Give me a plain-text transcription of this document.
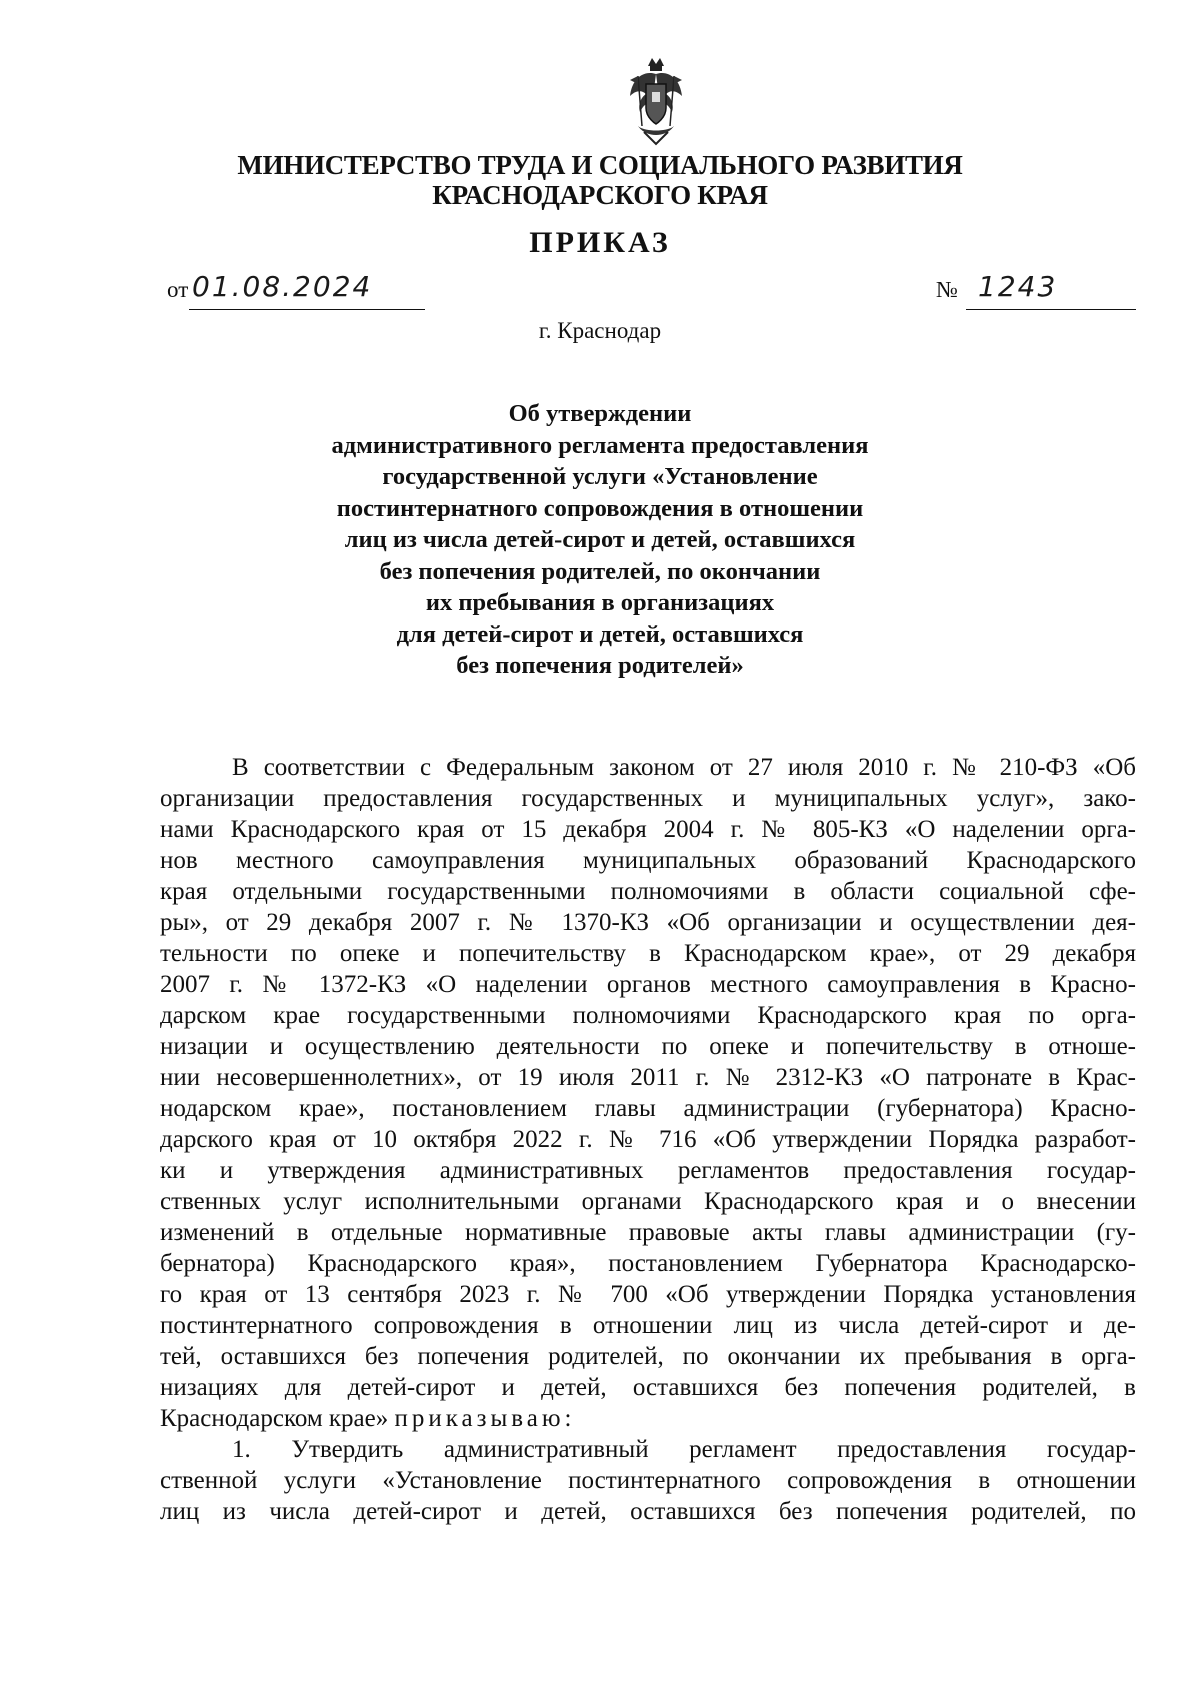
МИНИСТЕРСТВО ТРУДА И СОЦИАЛЬНОГО РАЗВИТИЯ
КРАСНОДАРСКОГО КРАЯ
ПРИКАЗ
от 01.08.2024	№ 1243
г. Краснодар
Об утверждении
административного регламента предоставления
государственной услуги «Установление
постинтернатного сопровождения в отношении
лиц из числа детей-сирот и детей, оставшихся
без попечения родителей, по окончании
их пребывания в организациях
для детей-сирот и детей, оставшихся
без попечения родителей»
В соответствии с Федеральным законом от 27 июля 2010 г. № 210-ФЗ «Об
организации предоставления государственных и муниципальных услуг», зако-
нами Краснодарского края от 15 декабря 2004 г. № 805-КЗ «О наделении орга-
нов местного самоуправления муниципальных образований Краснодарского
края отдельными государственными полномочиями в области социальной сфе-
ры», от 29 декабря 2007 г. № 1370-КЗ «Об организации и осуществлении дея-
тельности по опеке и попечительству в Краснодарском крае», от 29 декабря
2007 г. № 1372-КЗ «О наделении органов местного самоуправления в Красно-
дарском крае государственными полномочиями Краснодарского края по орга-
низации и осуществлению деятельности по опеке и попечительству в отноше-
нии несовершеннолетних», от 19 июля 2011 г. № 2312-КЗ «О патронате в Крас-
нодарском крае», постановлением главы администрации (губернатора) Красно-
дарского края от 10 октября 2022 г. № 716 «Об утверждении Порядка разработ-
ки и утверждения административных регламентов предоставления государ-
ственных услуг исполнительными органами Краснодарского края и о внесении
изменений в отдельные нормативные правовые акты главы администрации (гу-
бернатора) Краснодарского края», постановлением Губернатора Краснодарско-
го края от 13 сентября 2023 г. № 700 «Об утверждении Порядка установления
постинтернатного сопровождения в отношении лиц из числа детей-сирот и де-
тей, оставшихся без попечения родителей, по окончании их пребывания в орга-
низациях для детей-сирот и детей, оставшихся без попечения родителей, в
Краснодарском крае» приказываю:
1. Утвердить административный регламент предоставления государ-
ственной услуги «Установление постинтернатного сопровождения в отношении
лиц из числа детей-сирот и детей, оставшихся без попечения родителей, по
